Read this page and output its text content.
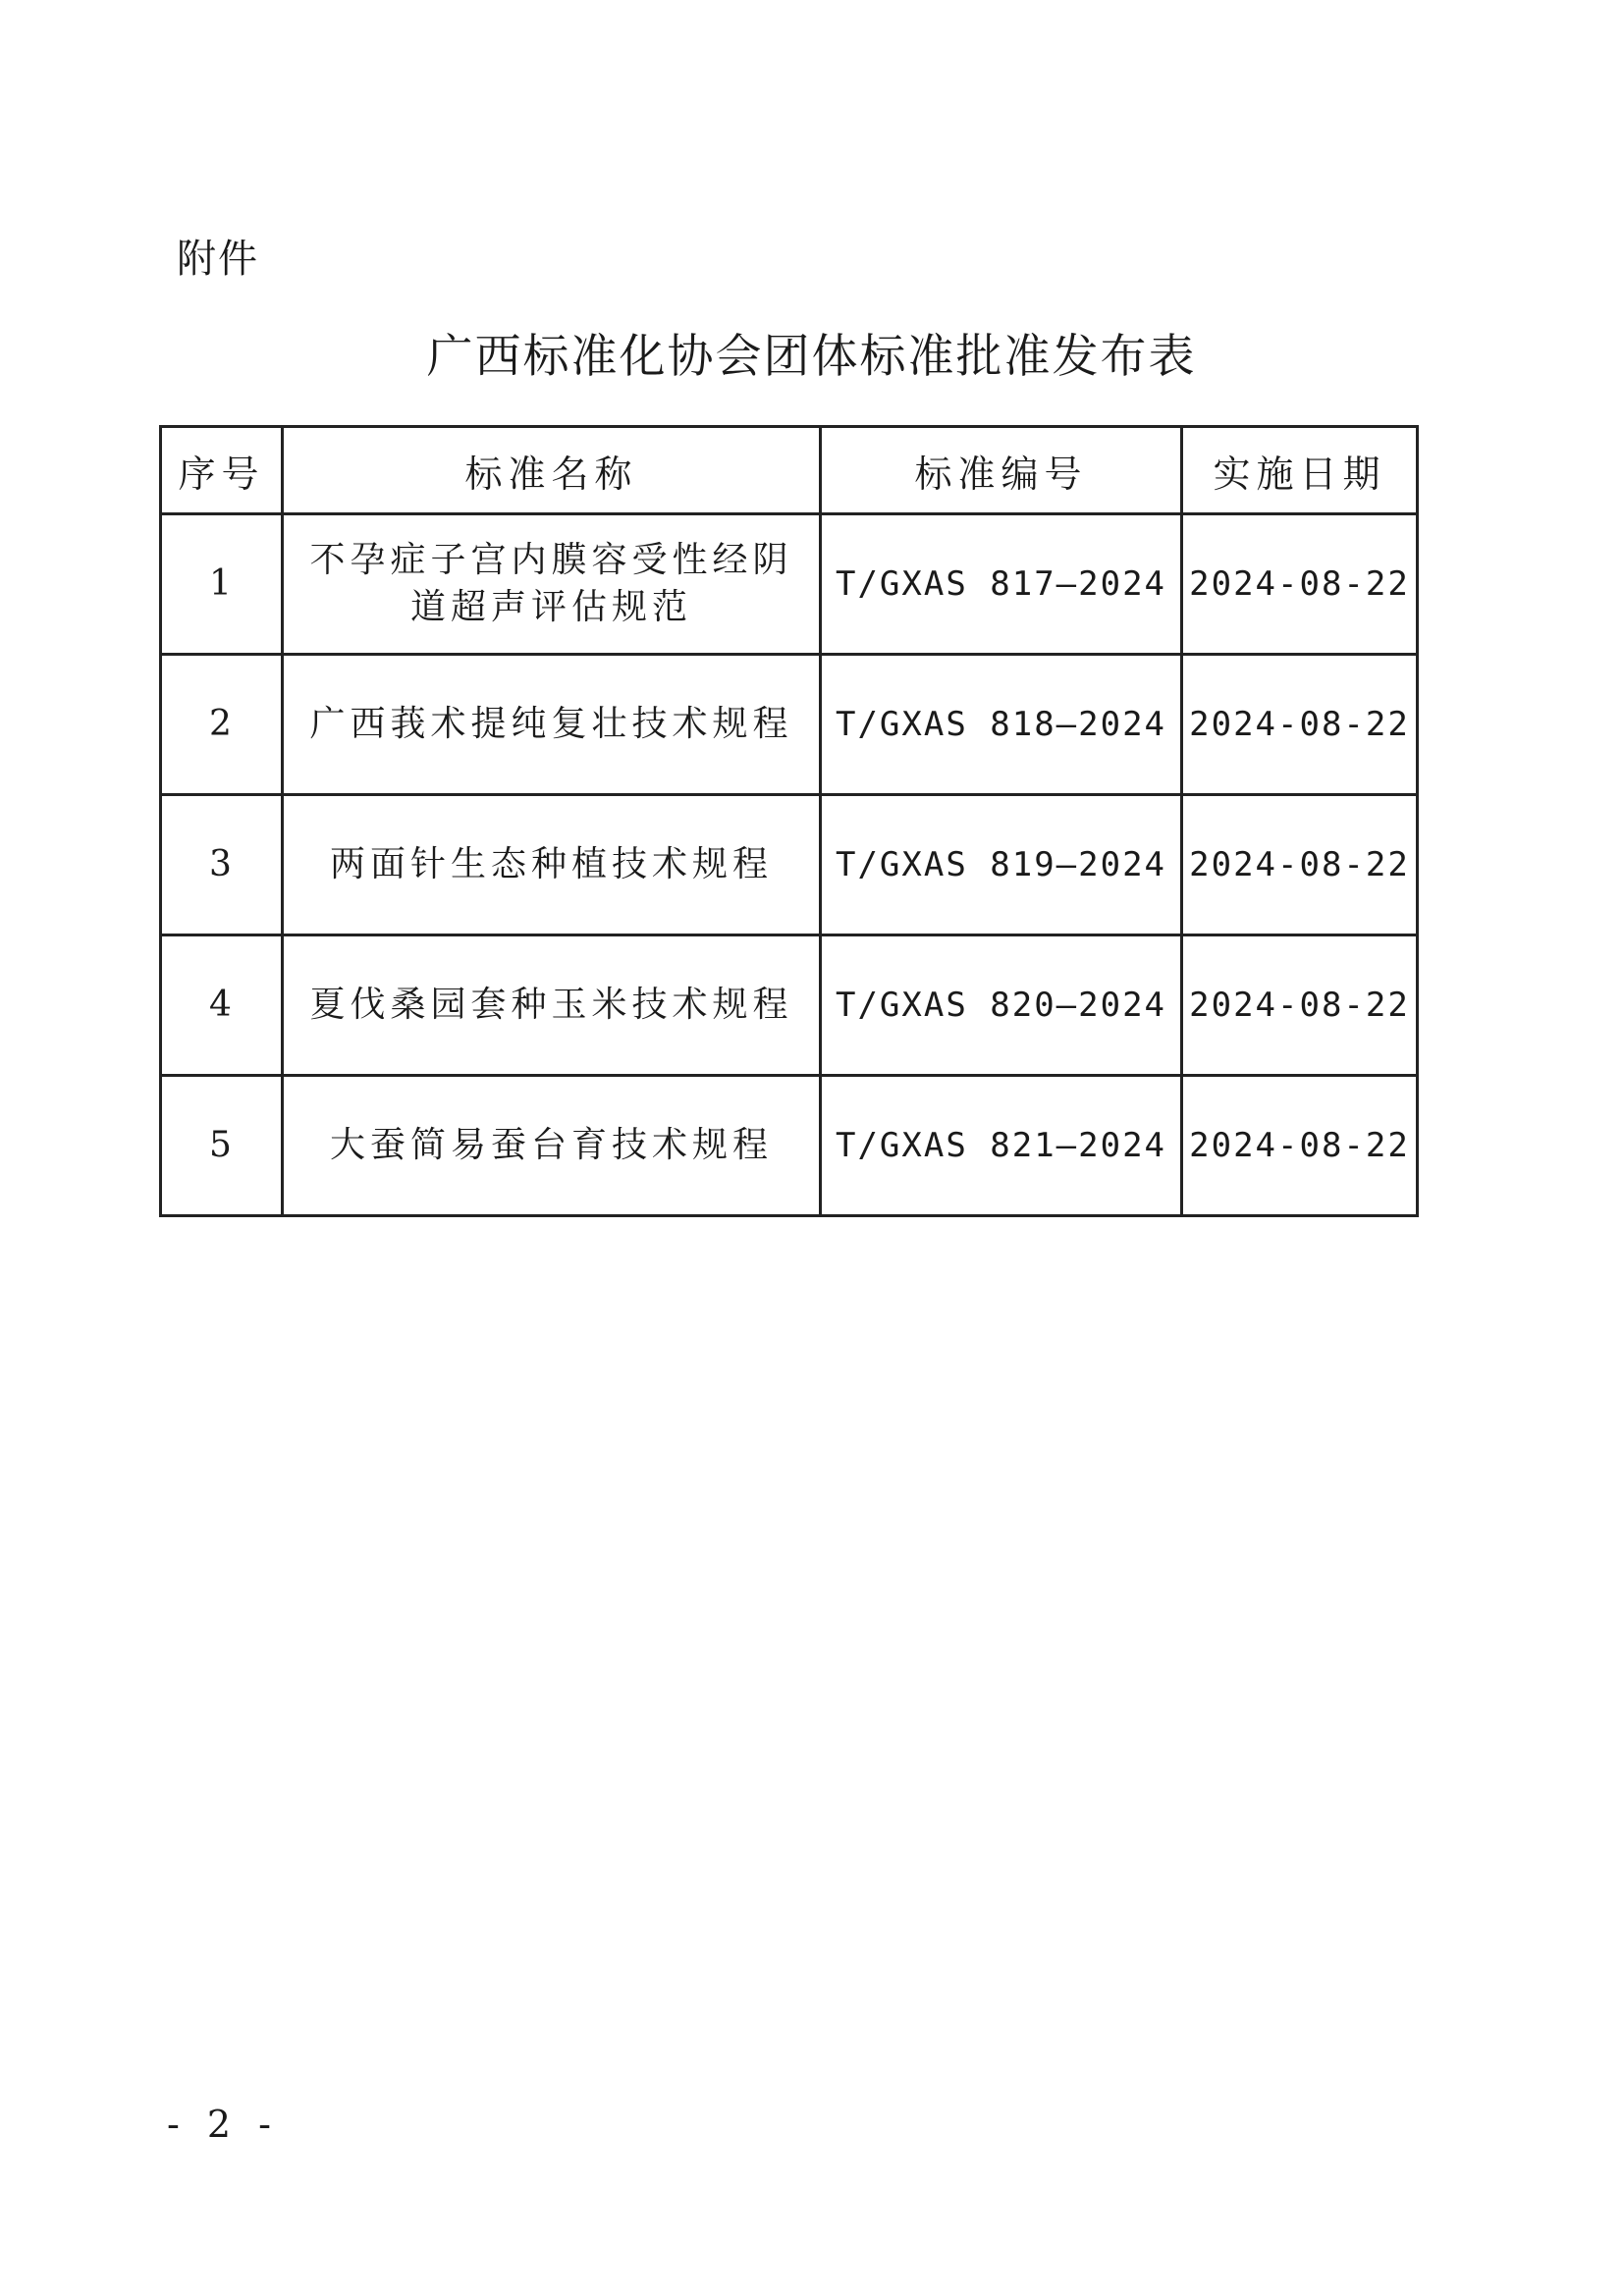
附件
广西标准化协会团体标准批准发布表
序号	标准名称	标准编号	实施日期
1	不孕症子宫内膜容受性经阴道超声评估规范	T/GXAS 817—2024	2024-08-22
2	广西莪术提纯复壮技术规程	T/GXAS 818—2024	2024-08-22
3	两面针生态种植技术规程	T/GXAS 819—2024	2024-08-22
4	夏伐桑园套种玉米技术规程	T/GXAS 820—2024	2024-08-22
5	大蚕简易蚕台育技术规程	T/GXAS 821—2024	2024-08-22
- 2 -
